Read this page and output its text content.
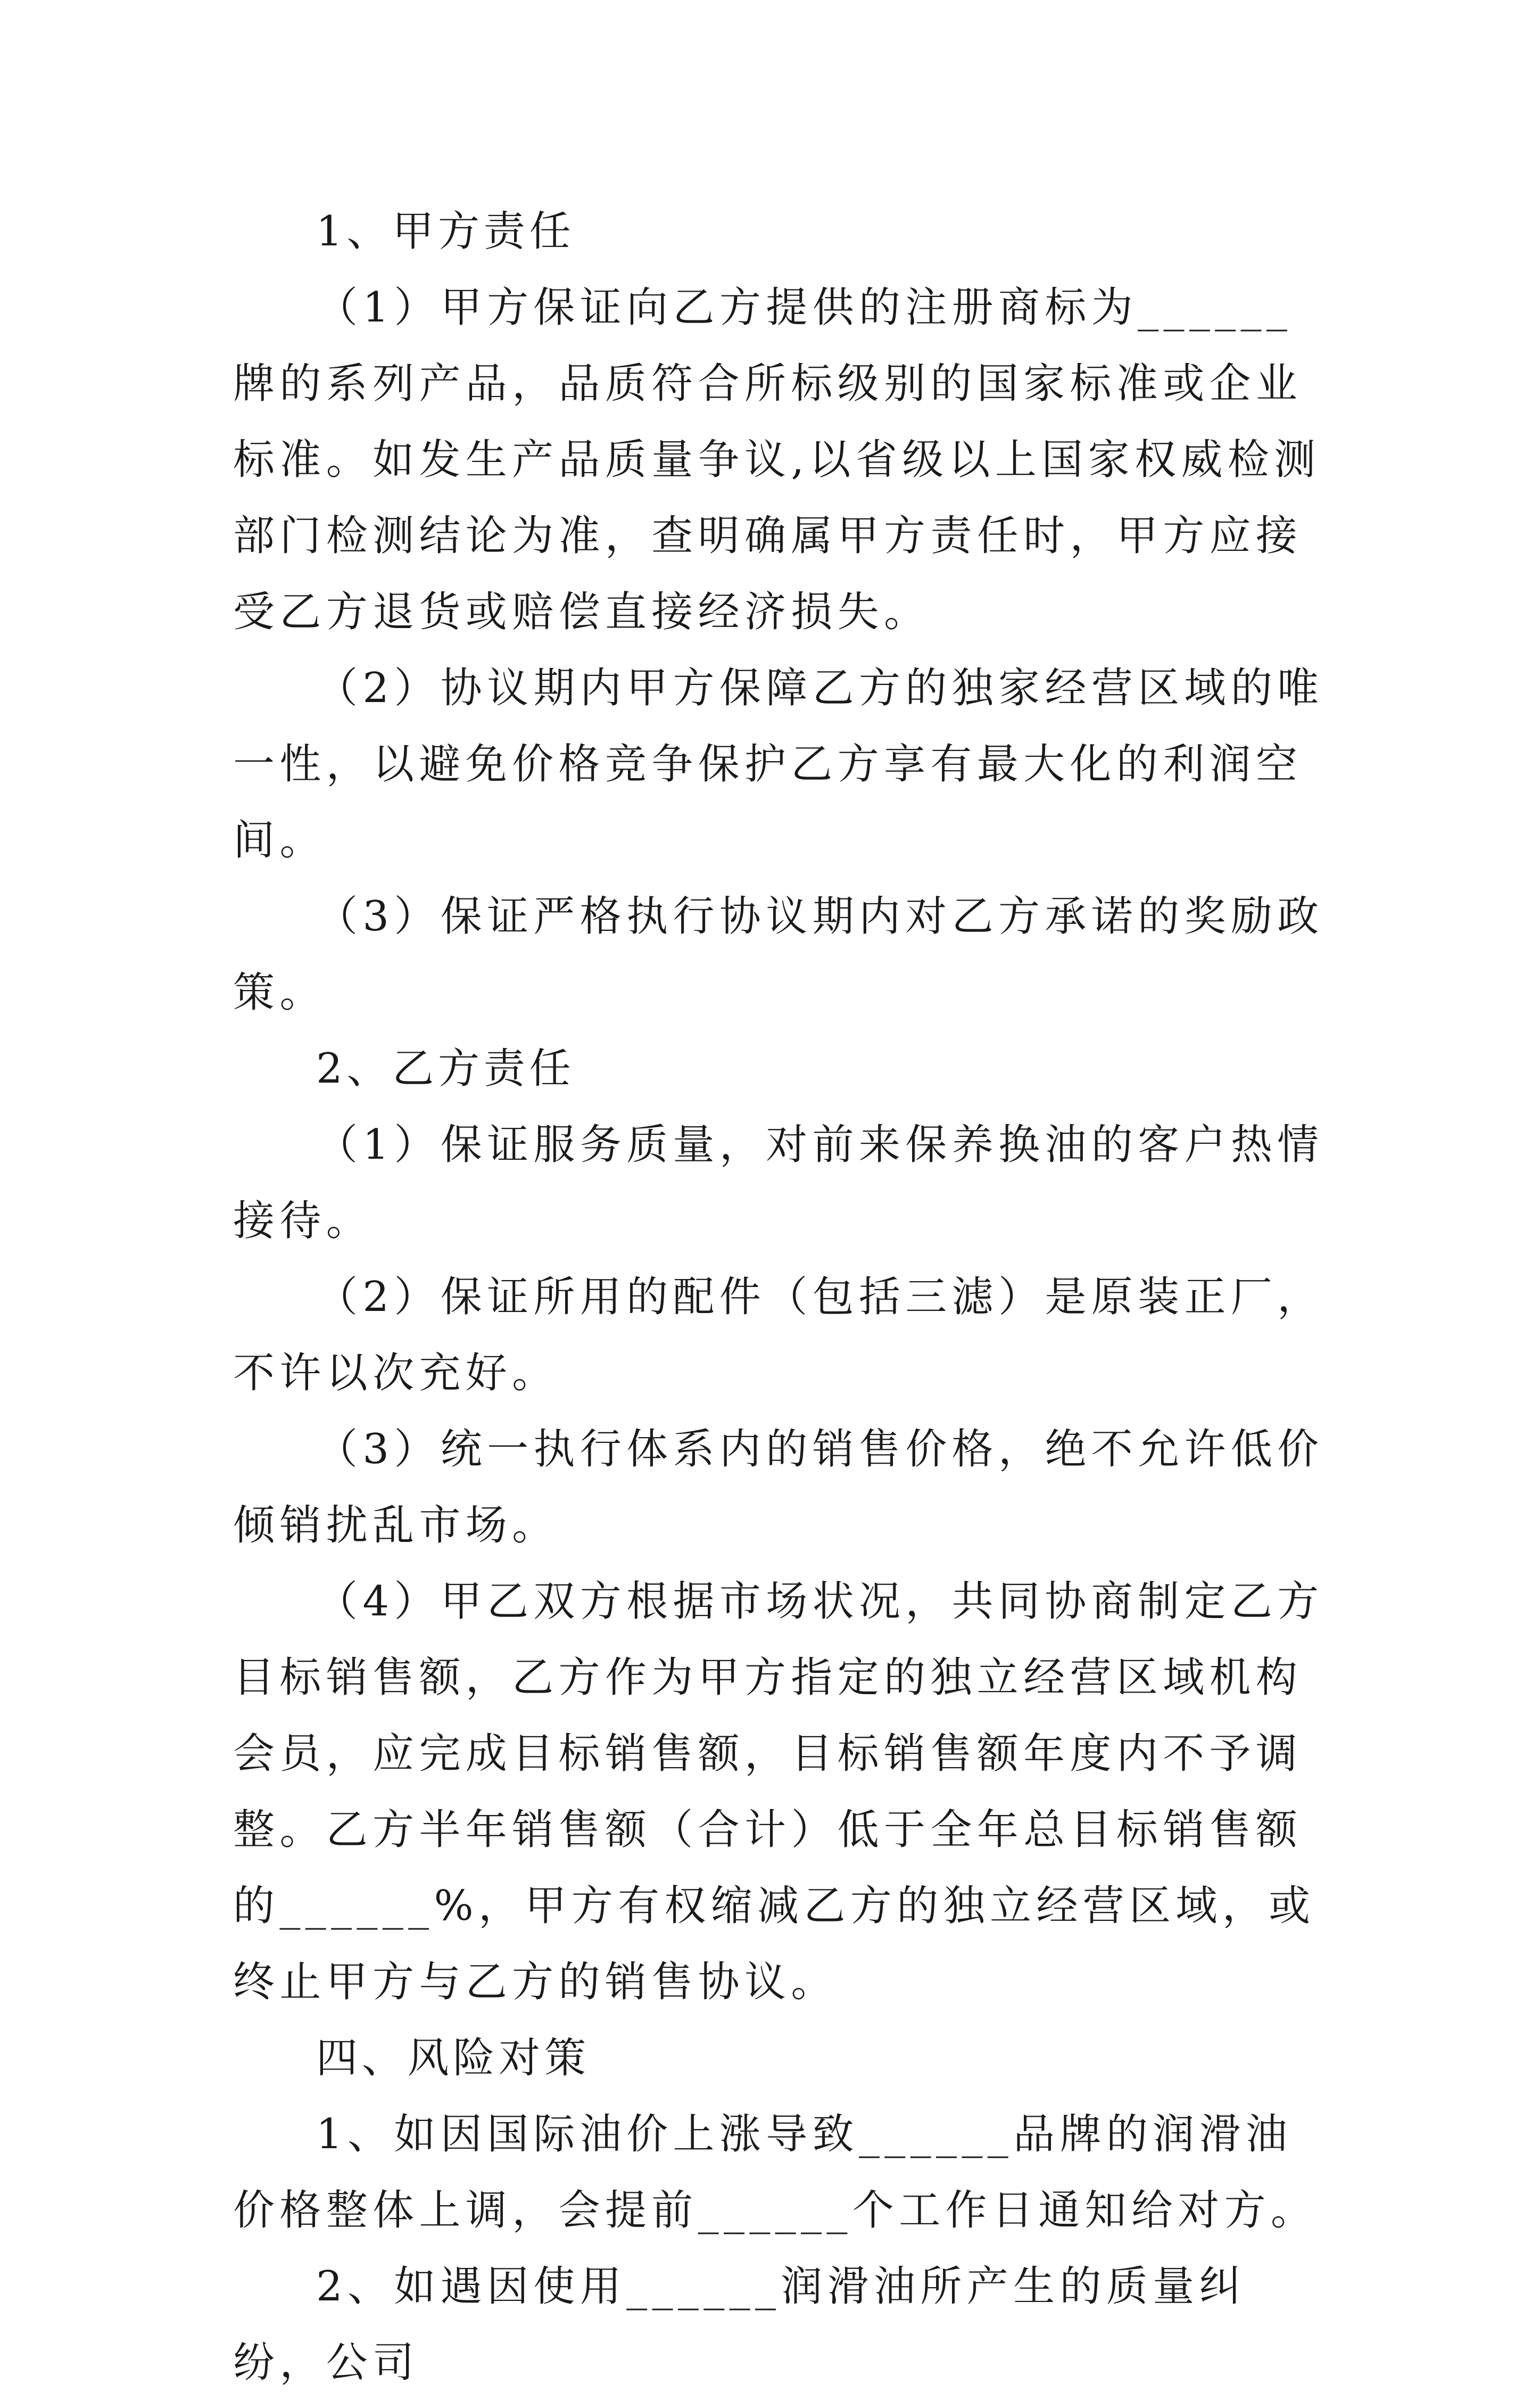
1、甲方责任

（1）甲方保证向乙方提供的注册商标为______牌的系列产品，品质符合所标级别的国家标准或企业标准。如发生产品质量争议,以省级以上国家权威检测部门检测结论为准，查明确属甲方责任时，甲方应接受乙方退货或赔偿直接经济损失。

（2）协议期内甲方保障乙方的独家经营区域的唯一性，以避免价格竞争保护乙方享有最大化的利润空间。

（3）保证严格执行协议期内对乙方承诺的奖励政策。

2、乙方责任

（1）保证服务质量，对前来保养换油的客户热情接待。

（2）保证所用的配件（包括三滤）是原装正厂，不许以次充好。

（3）统一执行体系内的销售价格，绝不允许低价倾销扰乱市场。

（4）甲乙双方根据市场状况，共同协商制定乙方目标销售额，乙方作为甲方指定的独立经营区域机构会员，应完成目标销售额，目标销售额年度内不予调整。乙方半年销售额（合计）低于全年总目标销售额的______%，甲方有权缩减乙方的独立经营区域，或终止甲方与乙方的销售协议。

四、风险对策

1、如因国际油价上涨导致______品牌的润滑油价格整体上调，会提前______个工作日通知给对方。

2、如遇因使用______润滑油所产生的质量纠纷，公司
